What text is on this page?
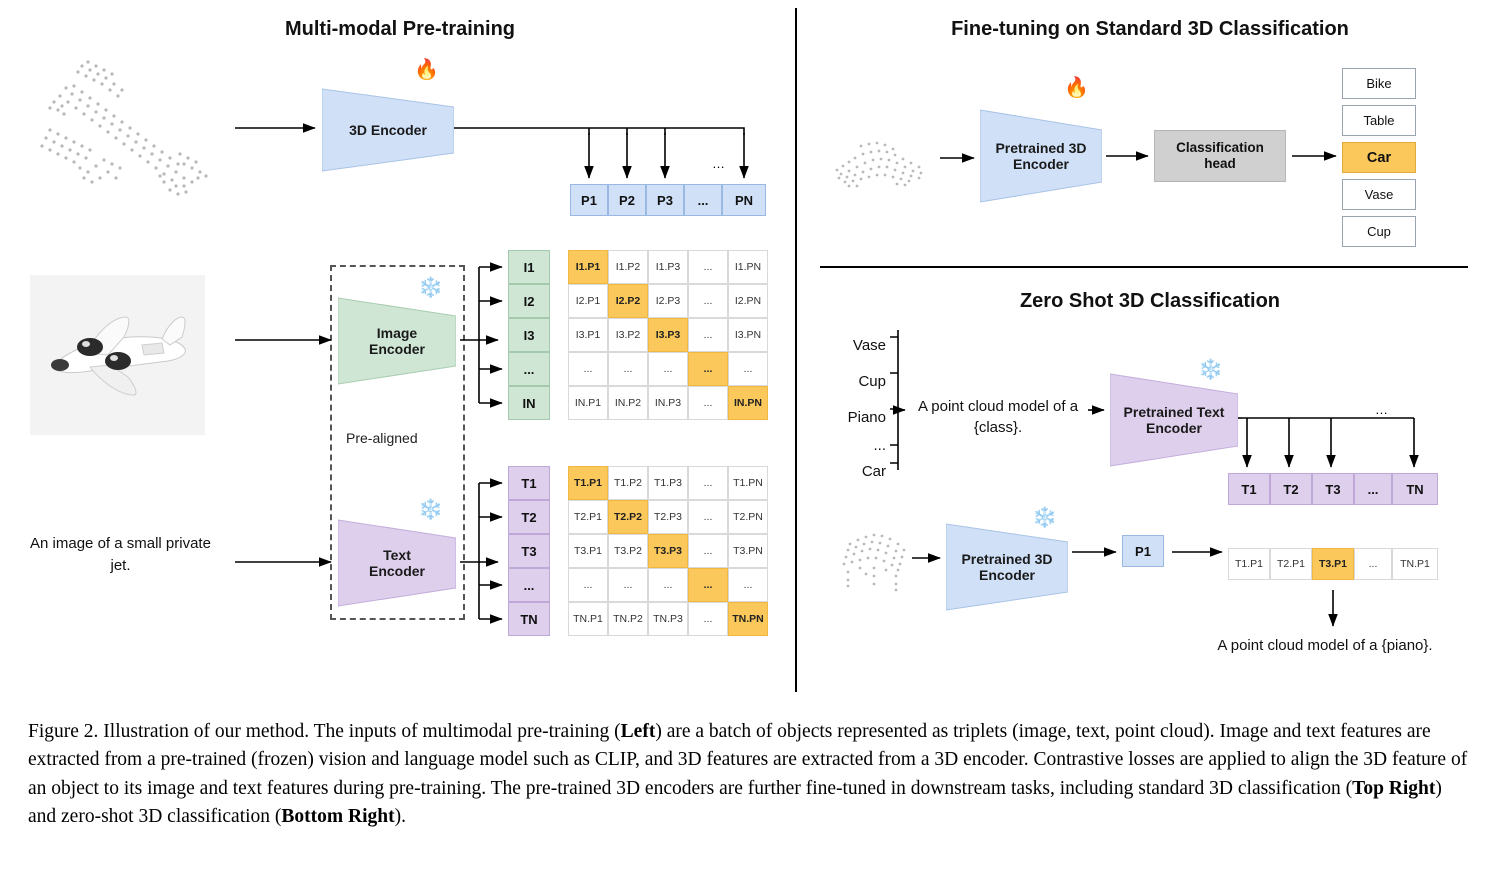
Multi-modal Pre-training	Fine-tuning on Standard 3D Classification
Zero Shot 3D Classification
An image of a small private jet.
Pre-aligned
3D Encoder
🔥
Image
Encoder
❄️
Text
Encoder
❄️
P1	P2	P3	...	PN
I1
I2
I3
...
IN
T1
T2
T3
...
TN
I1.P1	I1.P2	I1.P3	...	I1.PN
I2.P1	I2.P2	I2.P3	...	I2.PN
I3.P1	I3.P2	I3.P3	...	I3.PN
...	...	...	...	...
IN.P1	IN.P2	IN.P3	...	IN.PN
T1.P1	T1.P2	T1.P3	...	T1.PN
T2.P1	T2.P2	T2.P3	...	T2.PN
T3.P1	T3.P2	T3.P3	...	T3.PN
...	...	...	...	...
TN.P1 TN.P2 TN.P3	...	TN.PN
Pretrained 3D
Encoder
🔥
Classification
head
Bike
Table
Car
Vase
Cup
Vase
Cup
Piano
...
Car
A point cloud model of a {class}.
Pretrained Text
Encoder
❄️
T1	T2	T3	...	TN
Pretrained 3D
Encoder
❄️
P1
T1.P1	T2.P1	T3.P1	...	TN.P1
A point cloud model of a {piano}.
…
…
Figure 2. Illustration of our method. The inputs of multimodal pre-training (Left) are a batch of objects represented as triplets (image, text, point cloud). Image and text features are extracted from a pre-trained (frozen) vision and language model such as CLIP, and 3D features are extracted from a 3D encoder. Contrastive losses are applied to align the 3D feature of an object to its image and text features during pre-training. The pre-trained 3D encoders are further fine-tuned in downstream tasks, including standard 3D classification (Top Right) and zero-shot 3D classification (Bottom Right).
